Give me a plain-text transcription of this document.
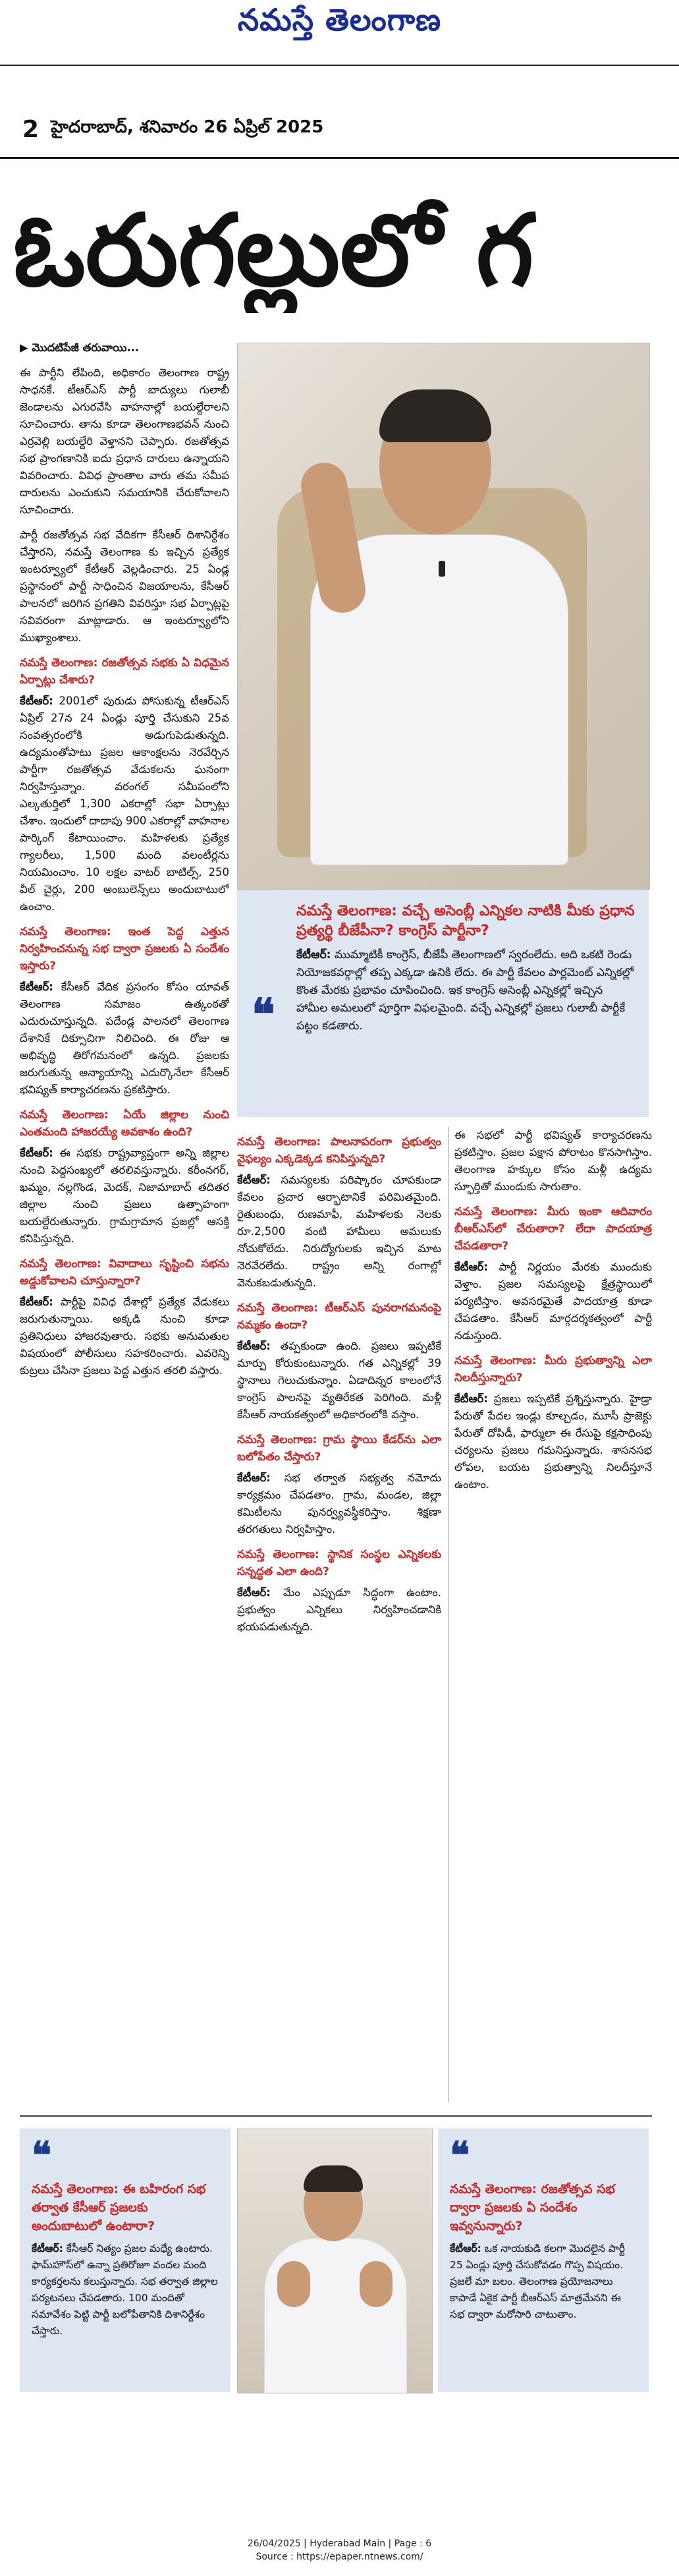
నమస్తే తెలంగాణ
2 హైదరాబాద్, శనివారం 26 ఏప్రిల్ 2025
ఓరుగల్లులో గ

▶ మొదటిపేజీ తరువాయి...

ఈ పార్టీని లేపింది, అధికారం తెలంగాణ రాష్ట్ర సాధనకే. టీఆర్ఎస్ పార్టీ బాద్యులు గులాబీ జెండాలను ఎగురవేసి వాహనాల్లో బయల్దేరాలని సూచించారు. తాను కూడా తెలంగాణభవన్ నుంచి ఎర్రవెల్లి బయల్దేరి వెళ్తానని చెప్పారు. రజతోత్సవ సభ ప్రాంగణానికి ఐదు ప్రధాన దారులు ఉన్నాయని వివరించారు. వివిధ ప్రాంతాల వారు తమ సమీప దారులను ఎంచుకుని సమయానికి చేరుకోవాలని సూచించారు.

పార్టీ రజతోత్సవ సభ వేదికగా కేసీఆర్ దిశానిర్దేశం చేస్తారని, నమస్తే తెలంగాణ కు ఇచ్చిన ప్రత్యేక ఇంటర్వ్యూలో కేటీఆర్ వెల్లడించారు. 25 ఏండ్ల ప్రస్థానంలో పార్టీ సాధించిన విజయాలను, కేసీఆర్ పాలనలో జరిగిన ప్రగతిని వివరిస్తూ సభ ఏర్పాట్లపై సవివరంగా మాట్లాడారు. ఆ ఇంటర్వ్యూలోని ముఖ్యాంశాలు.

నమస్తే తెలంగాణ: రజతోత్సవ సభకు ఏ విధమైన ఏర్పాట్లు చేశారు?

కేటీఆర్: 2001లో పురుడు పోసుకున్న టీఆర్ఎస్ ఏప్రిల్ 27న 24 ఏండ్లు పూర్తి చేసుకుని 25వ సంవత్సరంలోకి అడుగుపెడుతున్నది. ఉద్యమంతోపాటు ప్రజల ఆకాంక్షలను నెరవేర్చిన పార్టీగా రజతోత్సవ వేడుకలను ఘనంగా నిర్వహిస్తున్నాం. వరంగల్ సమీపంలోని ఎల్కతుర్తిలో 1,300 ఎకరాల్లో సభా ఏర్పాట్లు చేశాం. ఇందులో దాదాపు 900 ఎకరాల్లో వాహనాల పార్కింగ్ కేటాయించాం. మహిళలకు ప్రత్యేక గ్యాలరీలు, 1,500 మంది వలంటీర్లను నియమించాం. 10 లక్షల వాటర్ బాటిల్స్, 250 వీల్ చైర్లు, 200 అంబులెన్స్‌లు అందుబాటులో ఉంచాం.

నమస్తే తెలంగాణ: ఇంత పెద్ద ఎత్తున నిర్వహించనున్న సభ ద్వారా ప్రజలకు ఏ సందేశం ఇస్తారు?

కేటీఆర్: కేసీఆర్ వేదిక ప్రసంగం కోసం యావత్ తెలంగాణ సమాజం ఉత్కంఠతో ఎదురుచూస్తున్నది. పదేండ్ల పాలనలో తెలంగాణ దేశానికే దిక్సూచిగా నిలిచింది. ఈ రోజు ఆ అభివృద్ధి తిరోగమనంలో ఉన్నది. ప్రజలకు జరుగుతున్న అన్యాయాన్ని ఎదుర్కొనేలా కేసీఆర్ భవిష్యత్ కార్యాచరణను ప్రకటిస్తారు.

నమస్తే తెలంగాణ: ఏయే జిల్లాల నుంచి ఎంతమంది హాజరయ్యే అవకాశం ఉంది?

కేటీఆర్: ఈ సభకు రాష్ట్రవ్యాప్తంగా అన్ని జిల్లాల నుంచి పెద్దసంఖ్యలో తరలివస్తున్నారు. కరీంనగర్, ఖమ్మం, నల్లగొండ, మెదక్, నిజామాబాద్ తదితర జిల్లాల నుంచి ప్రజలు ఉత్సాహంగా బయల్దేరుతున్నారు. గ్రామగ్రామాన ప్రజల్లో ఆసక్తి కనిపిస్తున్నది.

నమస్తే తెలంగాణ: వివాదాలు సృష్టించి సభను అడ్డుకోవాలని చూస్తున్నారా?

కేటీఆర్: పార్టీపై వివిధ దేశాల్లో ప్రత్యేక వేడుకలు జరుగుతున్నాయి. అక్కడి నుంచి కూడా ప్రతినిధులు హాజరవుతారు. సభకు అనుమతుల విషయంలో పోలీసులు సహకరించారు. ఎవరెన్ని కుట్రలు చేసినా ప్రజలు పెద్ద ఎత్తున తరలి వస్తారు.

❝
నమస్తే తెలంగాణ: వచ్చే అసెంబ్లీ ఎన్నికల నాటికి మీకు ప్రధాన ప్రత్యర్థి బీజేపీనా? కాంగ్రెస్ పార్టీనా?
కేటీఆర్: ముమ్మాటికీ కాంగ్రెస్, బీజేపీ తెలంగాణలో స్వరంలేదు. అది ఒకటి రెండు నియోజకవర్గాల్లో తప్ప ఎక్కడా ఉనికి లేదు. ఈ పార్టీ కేవలం పార్లమెంట్ ఎన్నికల్లో కొంత మేరకు ప్రభావం చూపించింది. ఇక కాంగ్రెస్ అసెంబ్లీ ఎన్నికల్లో ఇచ్చిన హామీల అమలులో పూర్తిగా విఫలమైంది. వచ్చే ఎన్నికల్లో ప్రజలు గులాబీ పార్టీకే పట్టం కడతారు.
నమస్తే తెలంగాణ: పాలనాపరంగా ప్రభుత్వం వైఫల్యం ఎక్కడెక్కడ కనిపిస్తున్నది?

కేటీఆర్: సమస్యలకు పరిష్కారం చూపకుండా కేవలం ప్రచార ఆర్భాటానికే పరిమితమైంది. రైతుబంధు, రుణమాఫీ, మహిళలకు నెలకు రూ.2,500 వంటి హామీలు అమలుకు నోచుకోలేదు. నిరుద్యోగులకు ఇచ్చిన మాట నెరవేరలేదు. రాష్ట్రం అన్ని రంగాల్లో వెనుకబడుతున్నది.

నమస్తే తెలంగాణ: టీఆర్ఎస్ పునరాగమనంపై నమ్మకం ఉందా?

కేటీఆర్: తప్పకుండా ఉంది. ప్రజలు ఇప్పటికే మార్పు కోరుకుంటున్నారు. గత ఎన్నికల్లో 39 స్థానాలు గెలుచుకున్నాం. ఏడాదిన్నర కాలంలోనే కాంగ్రెస్ పాలనపై వ్యతిరేకత పెరిగింది. మళ్లీ కేసీఆర్ నాయకత్వంలో అధికారంలోకి వస్తాం.

నమస్తే తెలంగాణ: గ్రామ స్థాయి కేడర్‌ను ఎలా బలోపేతం చేస్తారు?

కేటీఆర్: సభ తర్వాత సభ్యత్వ నమోదు కార్యక్రమం చేపడతాం. గ్రామ, మండల, జిల్లా కమిటీలను పునర్వ్యవస్థీకరిస్తాం. శిక్షణా తరగతులు నిర్వహిస్తాం.

నమస్తే తెలంగాణ: స్థానిక సంస్థల ఎన్నికలకు సన్నద్ధత ఎలా ఉంది?

కేటీఆర్: మేం ఎప్పుడూ సిద్ధంగా ఉంటాం. ప్రభుత్వం ఎన్నికలు నిర్వహించడానికి భయపడుతున్నది.

ఈ సభలో పార్టీ భవిష్యత్ కార్యాచరణను ప్రకటిస్తాం. ప్రజల పక్షాన పోరాటం కొనసాగిస్తాం. తెలంగాణ హక్కుల కోసం మళ్లీ ఉద్యమ స్ఫూర్తితో ముందుకు సాగుతాం.

నమస్తే తెలంగాణ: మీరు ఇంకా ఆదివారం బీఆర్ఎస్‌లో చేరుతారా? లేదా పాదయాత్ర చేపడతారా?

కేటీఆర్: పార్టీ నిర్ణయం మేరకు ముందుకు వెళ్తాం. ప్రజల సమస్యలపై క్షేత్రస్థాయిలో పర్యటిస్తాం. అవసరమైతే పాదయాత్ర కూడా చేపడతాం. కేసీఆర్ మార్గదర్శకత్వంలో పార్టీ నడుస్తుంది.

నమస్తే తెలంగాణ: మీరు ప్రభుత్వాన్ని ఎలా నిలదీస్తున్నారు?

కేటీఆర్: ప్రజలు ఇప్పటికే ప్రశ్నిస్తున్నారు. హైడ్రా పేరుతో పేదల ఇండ్లు కూల్చడం, మూసీ ప్రాజెక్టు పేరుతో దోపిడీ, ఫార్ములా ఈ రేసుపై కక్షసాధింపు చర్యలను ప్రజలు గమనిస్తున్నారు. శాసనసభ లోపల, బయట ప్రభుత్వాన్ని నిలదీస్తూనే ఉంటాం.

❝
నమస్తే తెలంగాణ: ఈ బహిరంగ సభ తర్వాత కేసీఆర్ ప్రజలకు అందుబాటులో ఉంటారా?
కేటీఆర్: కేసీఆర్ నిత్యం ప్రజల మధ్యే ఉంటారు. ఫామ్‌హౌస్‌లో ఉన్నా ప్రతిరోజూ వందల మంది కార్యకర్తలను కలుస్తున్నారు. సభ తర్వాత జిల్లాల పర్యటనలు చేపడతారు. 100 మందితో సమావేశం పెట్టి పార్టీ బలోపేతానికి దిశానిర్దేశం చేస్తారు.
❝
నమస్తే తెలంగాణ: రజతోత్సవ సభ ద్వారా ప్రజలకు ఏ సందేశం ఇవ్వనున్నారు?
కేటీఆర్: ఒక నాయకుడి కలగా మొదలైన పార్టీ 25 ఏండ్లు పూర్తి చేసుకోవడం గొప్ప విషయం. ప్రజలే మా బలం. తెలంగాణ ప్రయోజనాలు కాపాడే ఏకైక పార్టీ బీఆర్ఎస్ మాత్రమేనని ఈ సభ ద్వారా మరోసారి చాటుతాం.
26/04/2025 | Hyderabad Main | Page : 6
Source : https://epaper.ntnews.com/
